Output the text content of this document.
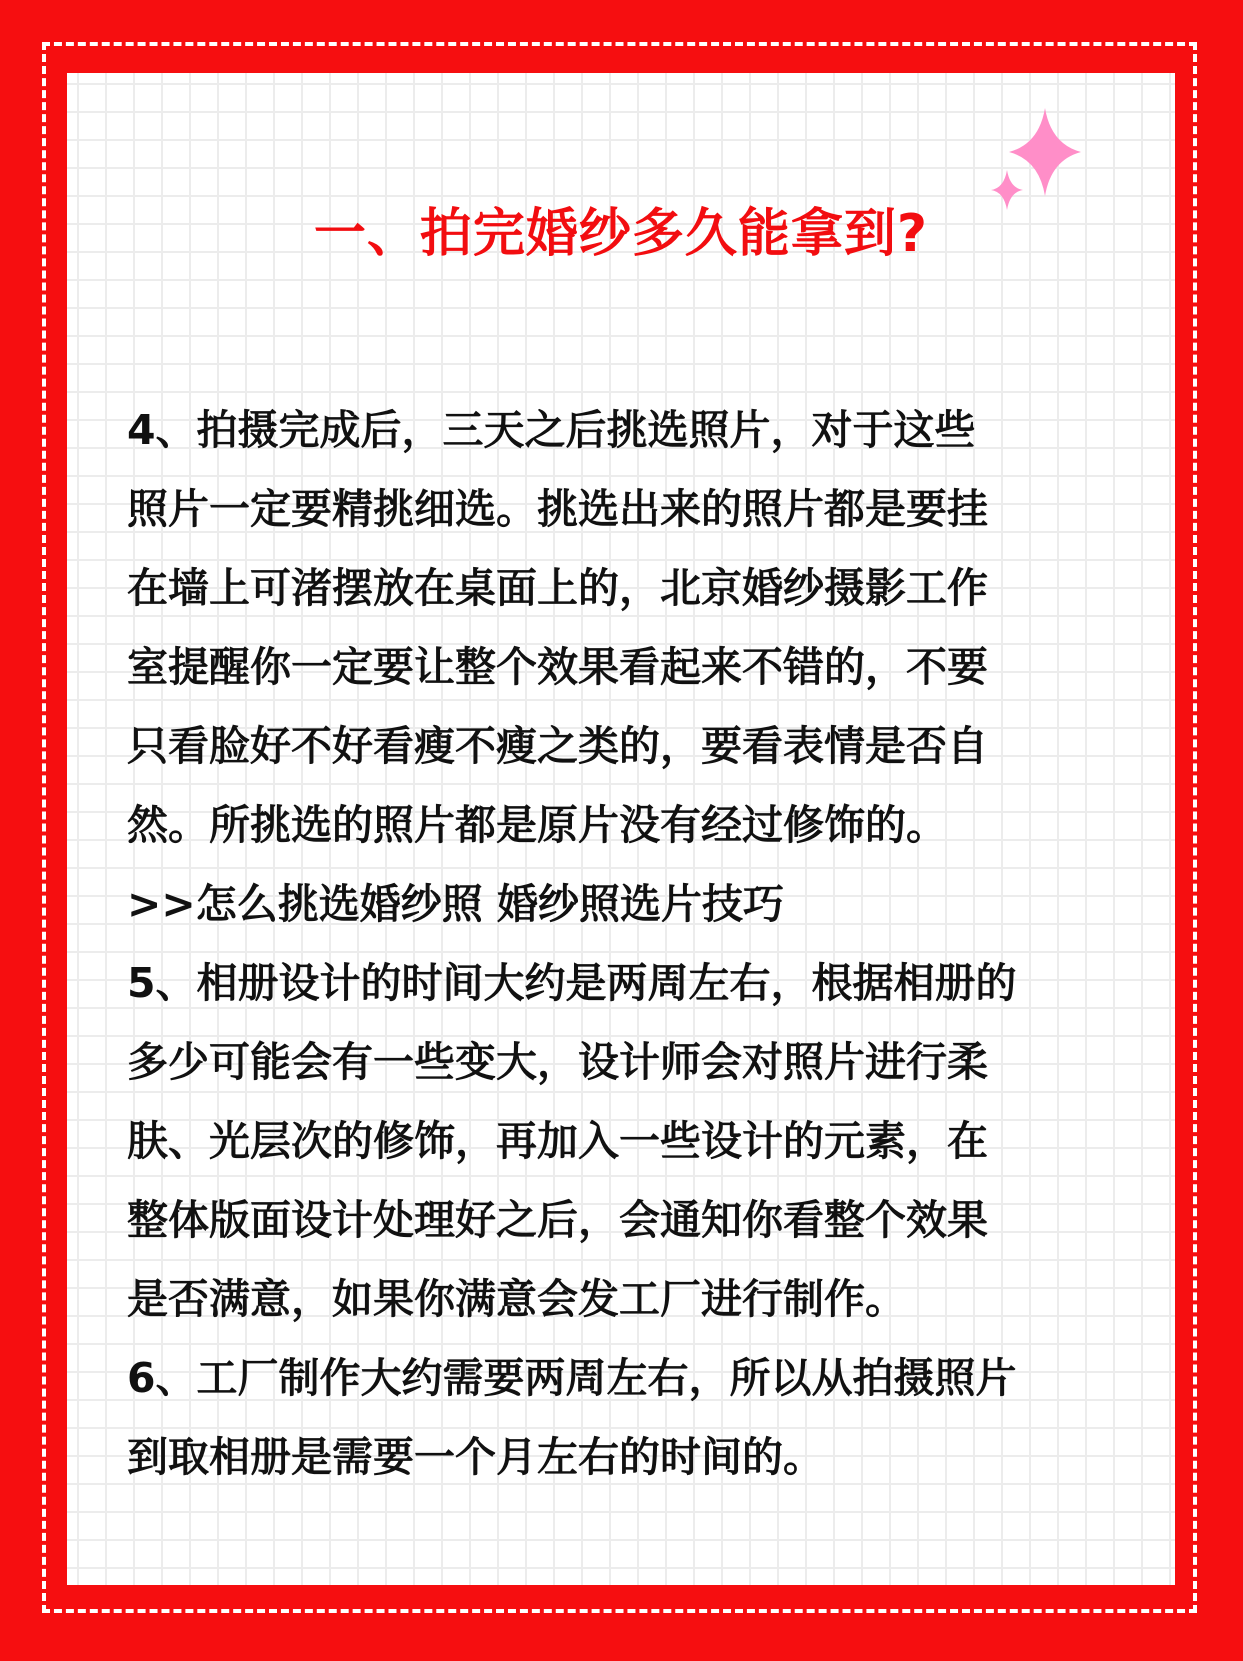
一、拍完婚纱多久能拿到?
4、拍摄完成后，三天之后挑选照片，对于这些
照片一定要精挑细选。挑选出来的照片都是要挂
在墙上可渚摆放在桌面上的，北京婚纱摄影工作
室提醒你一定要让整个效果看起来不错的，不要
只看脸好不好看瘦不瘦之类的，要看表情是否自
然。所挑选的照片都是原片没有经过修饰的。
>>怎么挑选婚纱照 婚纱照选片技巧
5、相册设计的时间大约是两周左右，根据相册的
多少可能会有一些变大，设计师会对照片进行柔
肤、光层次的修饰，再加入一些设计的元素，在
整体版面设计处理好之后，会通知你看整个效果
是否满意，如果你满意会发工厂进行制作。
6、工厂制作大约需要两周左右，所以从拍摄照片
到取相册是需要一个月左右的时间的。
